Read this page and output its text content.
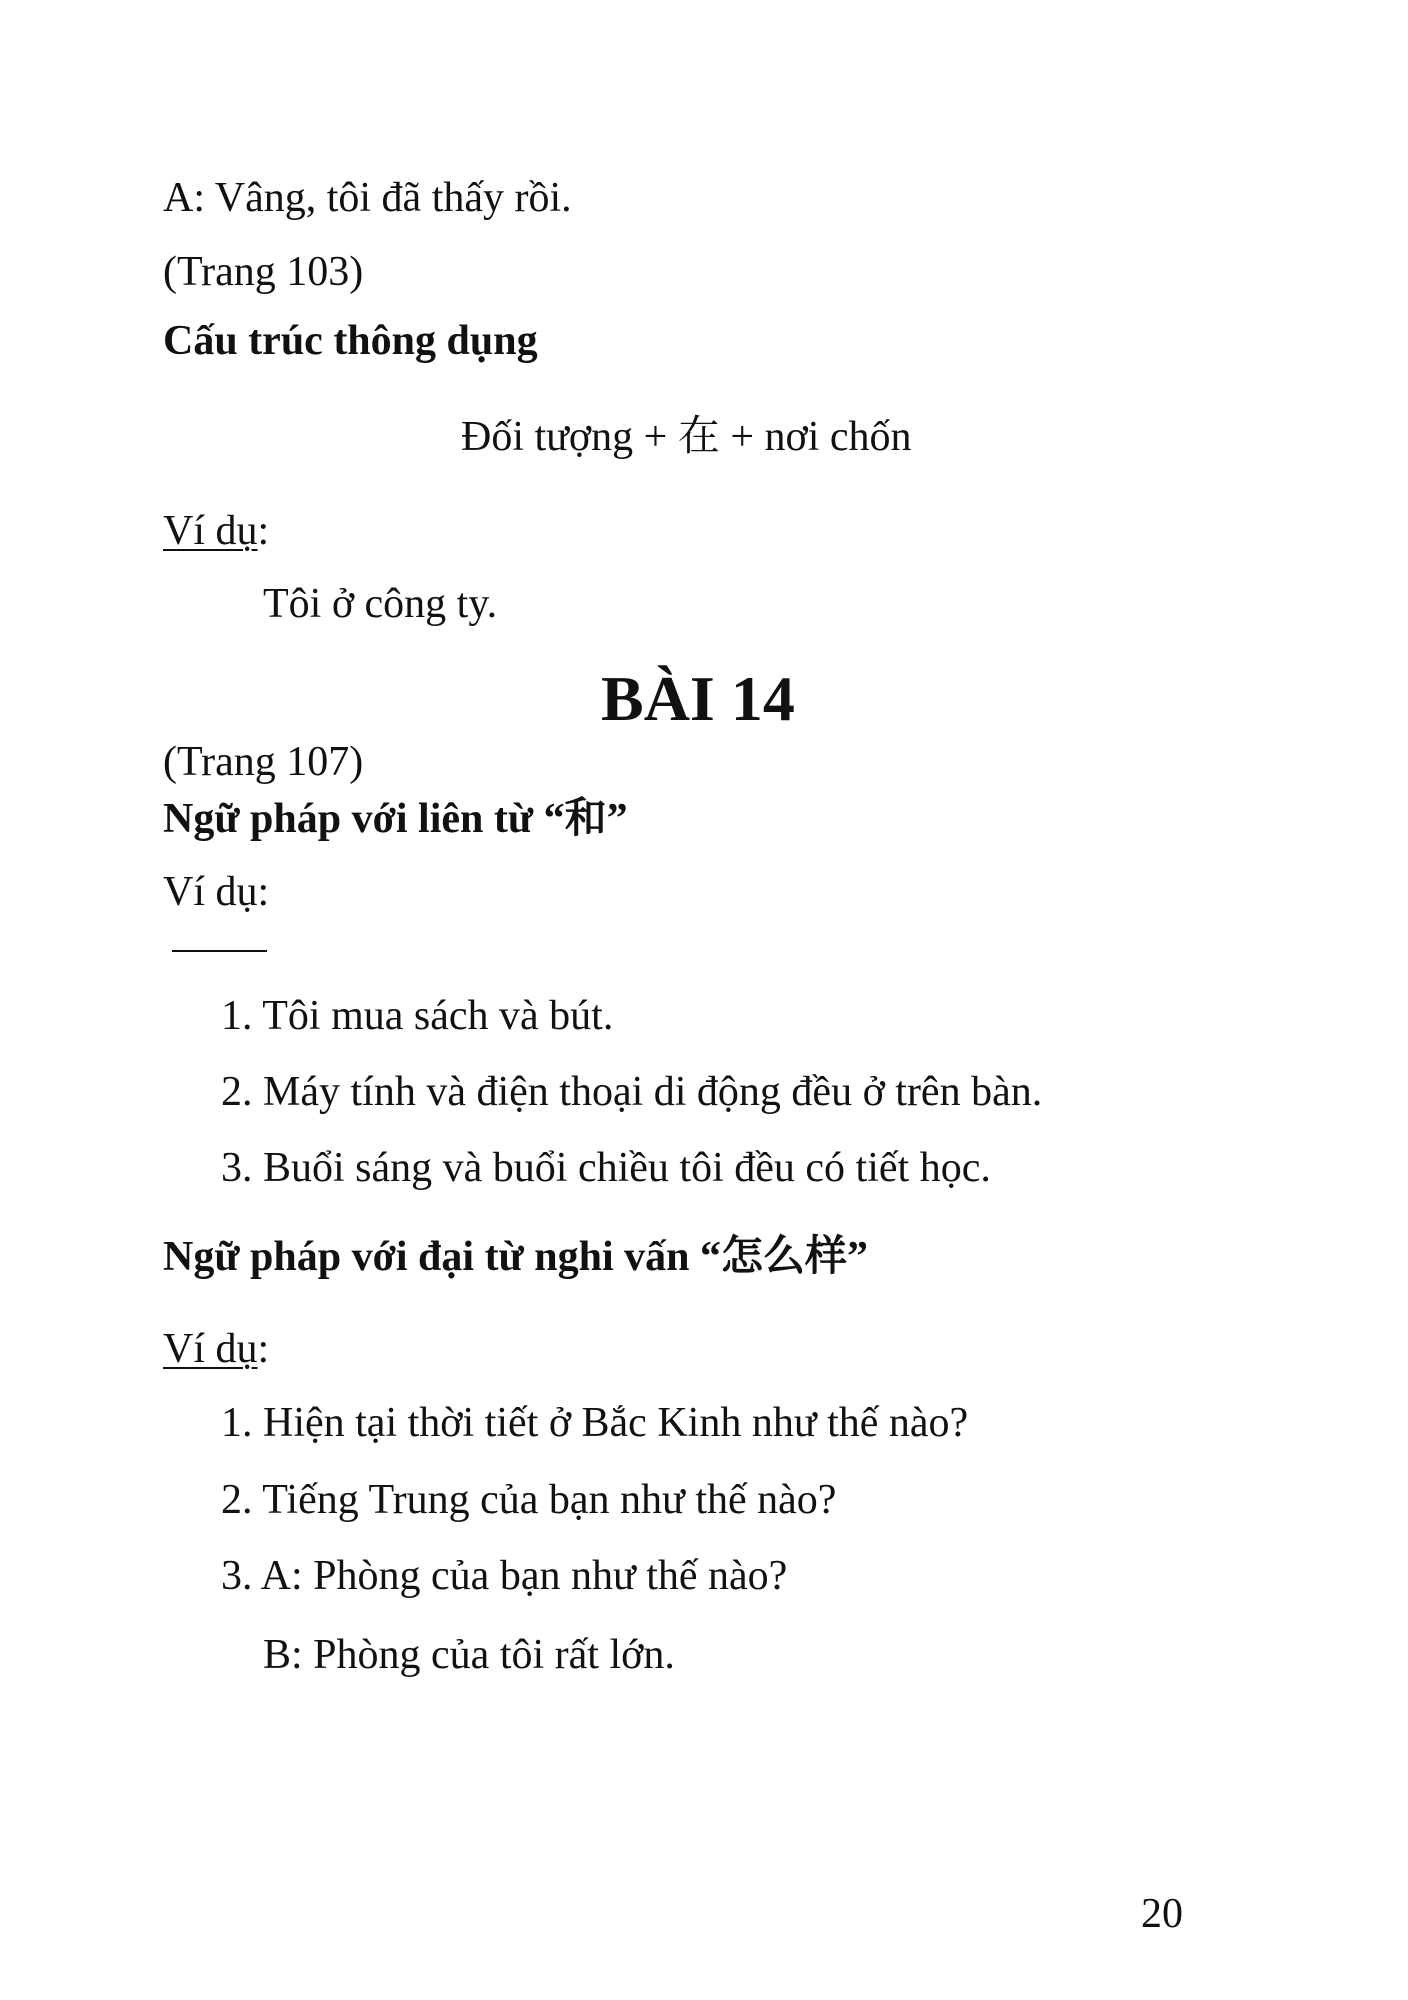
A: Vâng, tôi đã thấy rồi.
(Trang 103)
Cấu trúc thông dụng
Đối tượng + 在 + nơi chốn
Ví dụ:
Tôi ở công ty.
BÀI 14
(Trang 107)
Ngữ pháp với liên từ “和”
Ví dụ:
1. Tôi mua sách và bút.
2. Máy tính và điện thoại di động đều ở trên bàn.
3. Buổi sáng và buổi chiều tôi đều có tiết học.
Ngữ pháp với đại từ nghi vấn “怎么样”
Ví dụ:
1. Hiện tại thời tiết ở Bắc Kinh như thế nào?
2. Tiếng Trung của bạn như thế nào?
3. A: Phòng của bạn như thế nào?
B: Phòng của tôi rất lớn.
20
